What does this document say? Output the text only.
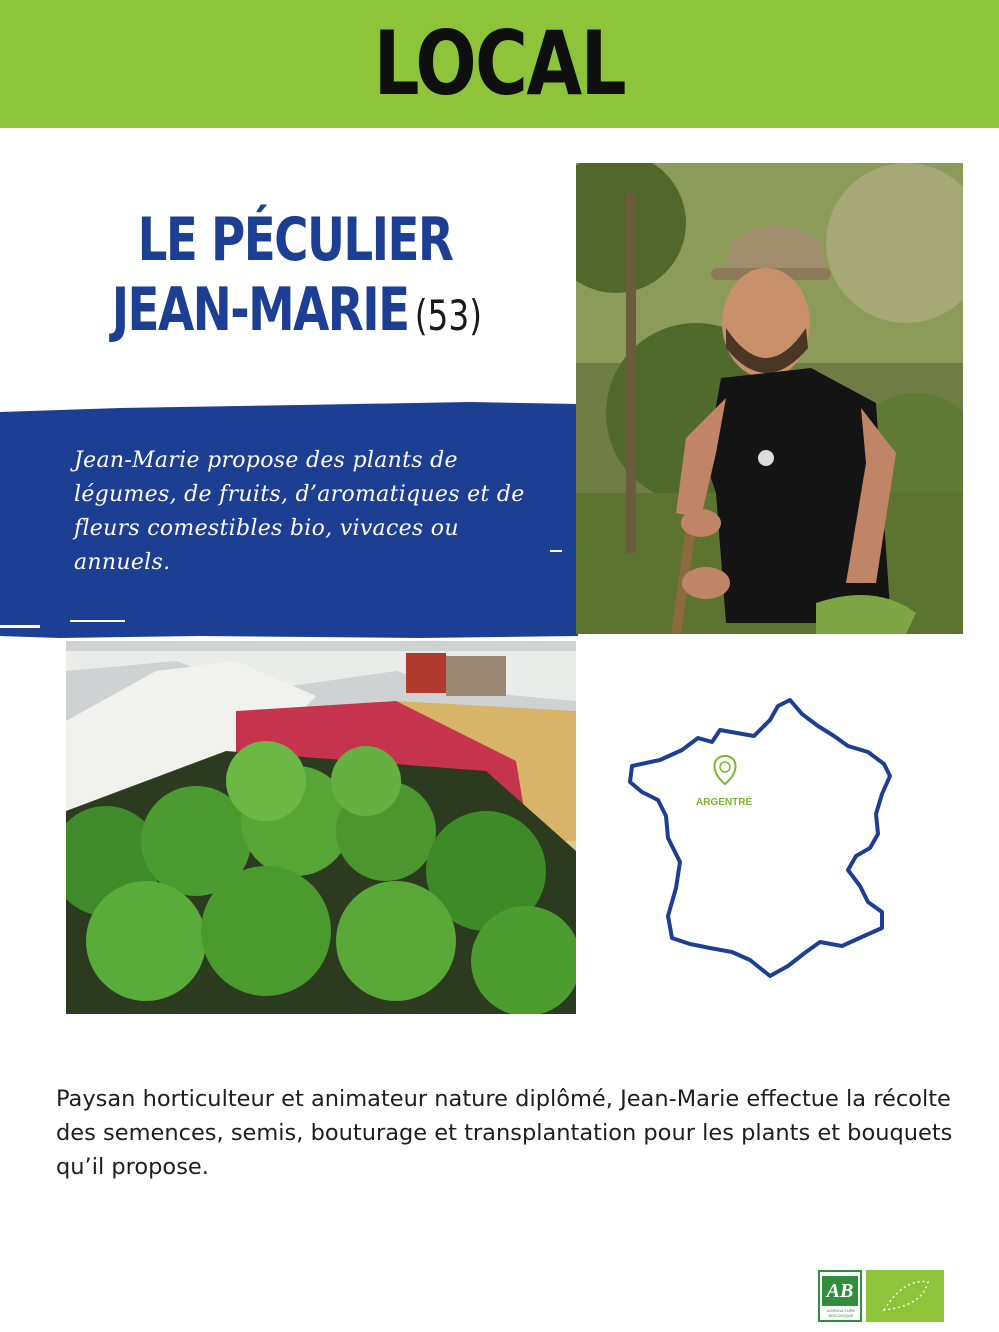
LOCAL
LE PÉCULIER
JEAN-MARIE (53)
Jean-Marie propose des plants de légumes, de fruits, d’aromatiques et de fleurs comestibles bio, vivaces ou annuels.
ARGENTRÉ
Paysan horticulteur et animateur nature diplômé, Jean-Marie effectue la récolte des semences, semis, bouturage et transplantation pour les plants et bouquets qu’il propose.
AB
AGRICULTURE BIOLOGIQUE
